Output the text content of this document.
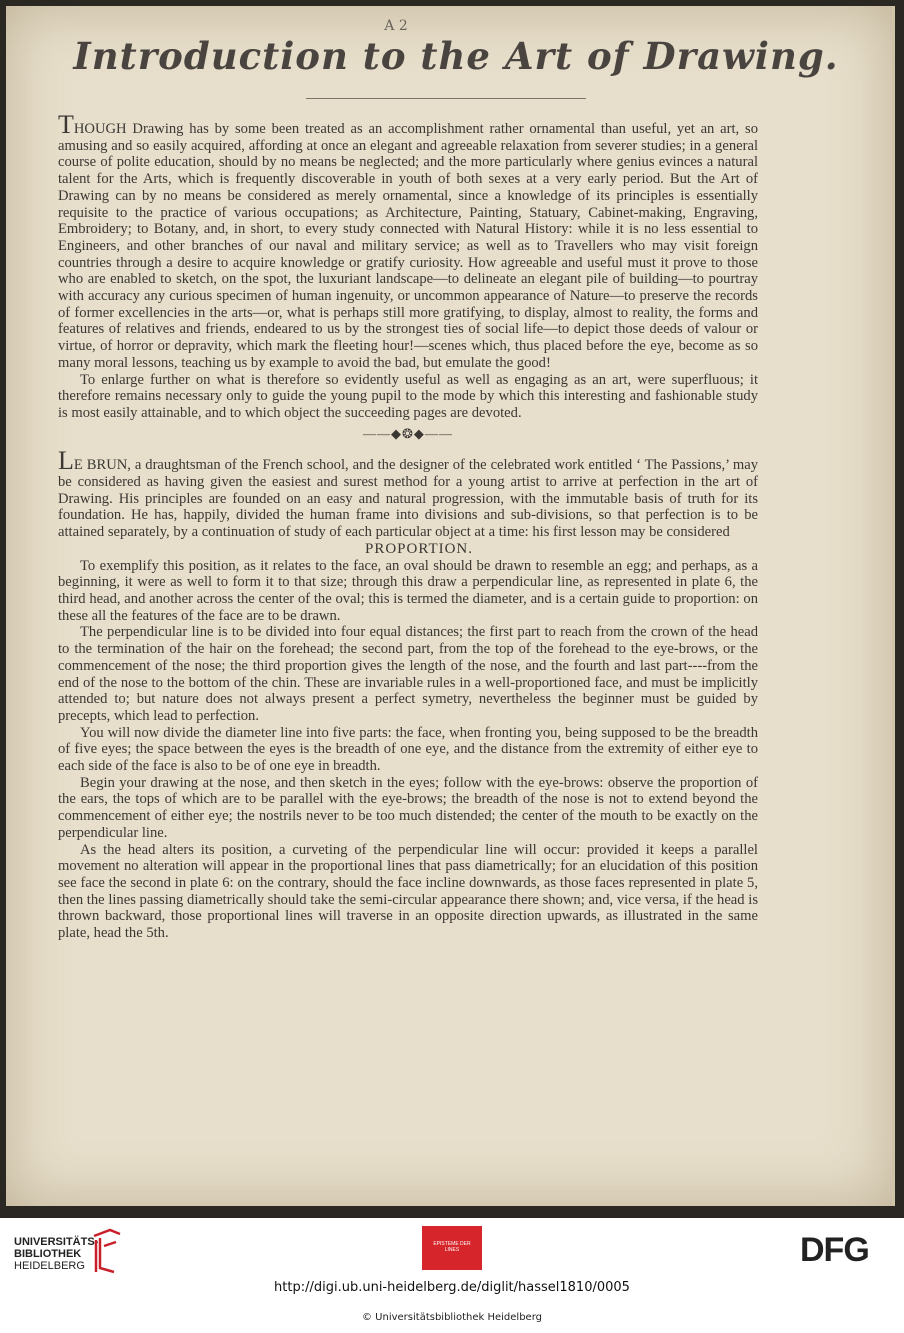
A 2
Introduction to the Art of Drawing.

THOUGH Drawing has by some been treated as an accomplishment rather ornamental than useful, yet an art, so amusing and so easily acquired, affording at once an elegant and agreeable relaxation from severer studies; in a general course of polite education, should by no means be neglected; and the more particularly where genius evinces a natural talent for the Arts, which is frequently discoverable in youth of both sexes at a very early period. But the Art of Drawing can by no means be considered as merely ornamental, since a knowledge of its principles is essentially requisite to the practice of various occupations; as Architecture, Painting, Statuary, Cabinet-making, Engraving, Embroidery; to Botany, and, in short, to every study connected with Natural History: while it is no less essential to Engineers, and other branches of our naval and military service; as well as to Travellers who may visit foreign countries through a desire to acquire knowledge or gratify curiosity. How agreeable and useful must it prove to those who are enabled to sketch, on the spot, the luxuriant landscape—to delineate an elegant pile of building—to pourtray with accuracy any curious specimen of human ingenuity, or uncommon appearance of Nature—to preserve the records of former excellencies in the arts—or, what is perhaps still more gratifying, to display, almost to reality, the forms and features of relatives and friends, endeared to us by the strongest ties of social life—to depict those deeds of valour or virtue, of horror or depravity, which mark the fleeting hour!—scenes which, thus placed before the eye, become as so many moral lessons, teaching us by example to avoid the bad, but emulate the good!

To enlarge further on what is therefore so evidently useful as well as engaging as an art, were superfluous; it therefore remains necessary only to guide the young pupil to the mode by which this interesting and fashionable study is most easily attainable, and to which object the succeeding pages are devoted.

——◆❂◆——

LE BRUN, a draughtsman of the French school, and the designer of the celebrated work entitled ‘ The Passions,’ may be considered as having given the easiest and surest method for a young artist to arrive at perfection in the art of Drawing. His principles are founded on an easy and natural progression, with the immutable basis of truth for its foundation. He has, happily, divided the human frame into divisions and sub-divisions, so that perfection is to be attained separately, by a continuation of study of each particular object at a time: his first lesson may be considered

PROPORTION.

To exemplify this position, as it relates to the face, an oval should be drawn to resemble an egg; and perhaps, as a beginning, it were as well to form it to that size; through this draw a perpendicular line, as represented in plate 6, the third head, and another across the center of the oval; this is termed the diameter, and is a certain guide to proportion: on these all the features of the face are to be drawn.

The perpendicular line is to be divided into four equal distances; the first part to reach from the crown of the head to the termination of the hair on the forehead; the second part, from the top of the forehead to the eye-brows, or the commencement of the nose; the third proportion gives the length of the nose, and the fourth and last part----from the end of the nose to the bottom of the chin. These are invariable rules in a well-proportioned face, and must be implicitly attended to; but nature does not always present a perfect symetry, nevertheless the beginner must be guided by precepts, which lead to perfection.

You will now divide the diameter line into five parts: the face, when fronting you, being supposed to be the breadth of five eyes; the space between the eyes is the breadth of one eye, and the distance from the extremity of either eye to each side of the face is also to be of one eye in breadth.

Begin your drawing at the nose, and then sketch in the eyes; follow with the eye-brows: observe the proportion of the ears, the tops of which are to be parallel with the eye-brows; the breadth of the nose is not to extend beyond the commencement of either eye; the nostrils never to be too much distended; the center of the mouth to be exactly on the perpendicular line.

As the head alters its position, a curveting of the perpendicular line will occur: provided it keeps a parallel movement no alteration will appear in the proportional lines that pass diametrically; for an elucidation of this position see face the second in plate 6: on the contrary, should the face incline downwards, as those faces represented in plate 5, then the lines passing diametrically should take the semi-circular appearance there shown; and, vice versa, if the head is thrown backward, those proportional lines will traverse in an opposite direction upwards, as illustrated in the same plate, head the 5th.

UNIVERSITÄTS-
BIBLIOTHEK
HEIDELBERG
EPISTEME DER LINES	DFG
http://digi.ub.uni-heidelberg.de/diglit/hassel1810/0005
© Universitätsbibliothek Heidelberg
